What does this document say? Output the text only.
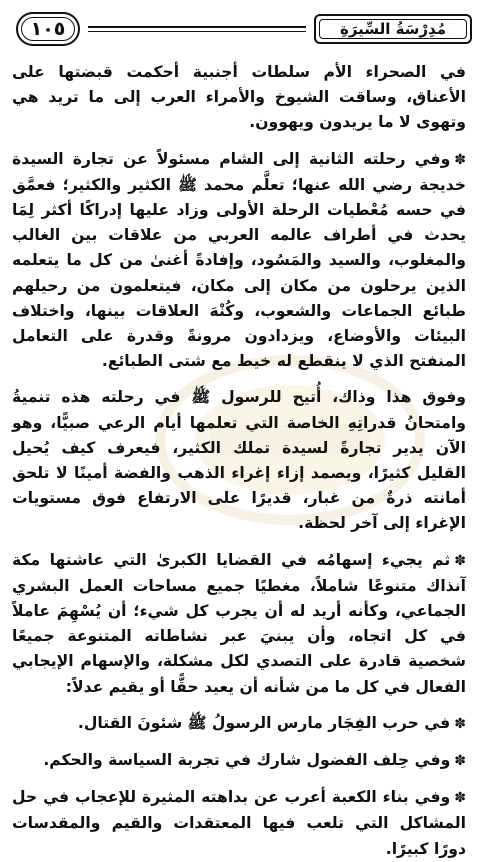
مُدِرْسَةُ السِّيرَةِ
١٠٥

في الصحراء الأم سلطات أجنبية أحكمت قبضتها على الأعناق، وساقت الشيوخ والأمراء العرب إلى ما تريد هي وتهوى لا ما يريدون ويهوون.

✽وفي رحلته الثانية إلى الشام مسئولاً عن تجارة السيدة خديجة رضي الله عنها؛ تعلَّم محمد ﷺ الكثير والكثير؛ فعمَّق في حسه مُعْطيات الرحلة الأولى وزاد عليها إدراكًا أكثر لِمَا يحدث في أطراف عالمه العربي من علاقات بين الغالب والمغلوب، والسيد والمَسُود، وإفادةً أغنىٰ من كل ما يتعلمه الذين يرحلون من مكان إلى مكان، فيتعلمون من رحيلهم طبائع الجماعات والشعوب، وكُنْهَ العلاقات بينها، واختلاف البيئات والأوضاع، ويزدادون مرونةً وقدرة على التعامل المنفتح الذي لا ينقطع له خيط مع شتى الطبائع.

وفوق هذا وذاك، أُتيح للرسول ﷺ في رحلته هذه تنميةُ وامتحانُ قدراتِهِ الخاصة التي تعلمها أيام الرعي صبيًّا، وهو الآن يدير تجارةً لسيدة تملك الكثير، فيعرف كيف يُحيل القليل كثيرًا، ويصمد إزاء إغراء الذهب والفضة أمينًا لا تلحق أمانته ذرةٌ من غبار، قديرًا على الارتفاع فوق مستويات الإغراء إلى آخر لحظة.

✽ثم يجيء إسهامُه في القضايا الكبرىٰ التي عاشتها مكة آنذاك متنوعًا شاملاً، مغطيًا جميع مساحات العمل البشري الجماعي، وكأنه أريد له أن يجرب كل شيء؛ أن يُسْهِمَ عاملاً في كل اتجاه، وأن يبنيَ عبر نشاطاته المتنوعة جميعًا شخصية قادرة على التصدي لكل مشكلة، والإسهام الإيجابي الفعال في كل ما من شأنه أن يعيد حقًّا أو يقيم عدلاً:

✽في حرب الفِجَار مارس الرسولُ ﷺ شئونَ القتال.

✽وفي حِلف الفضول شارك في تجربة السياسة والحكم.

✽وفي بناء الكعبة أعرب عن بداهته المثيرة للإعجاب في حل المشاكل التي تلعب فيها المعتقدات والقيم والمقدسات دورًا كبيرًا.
